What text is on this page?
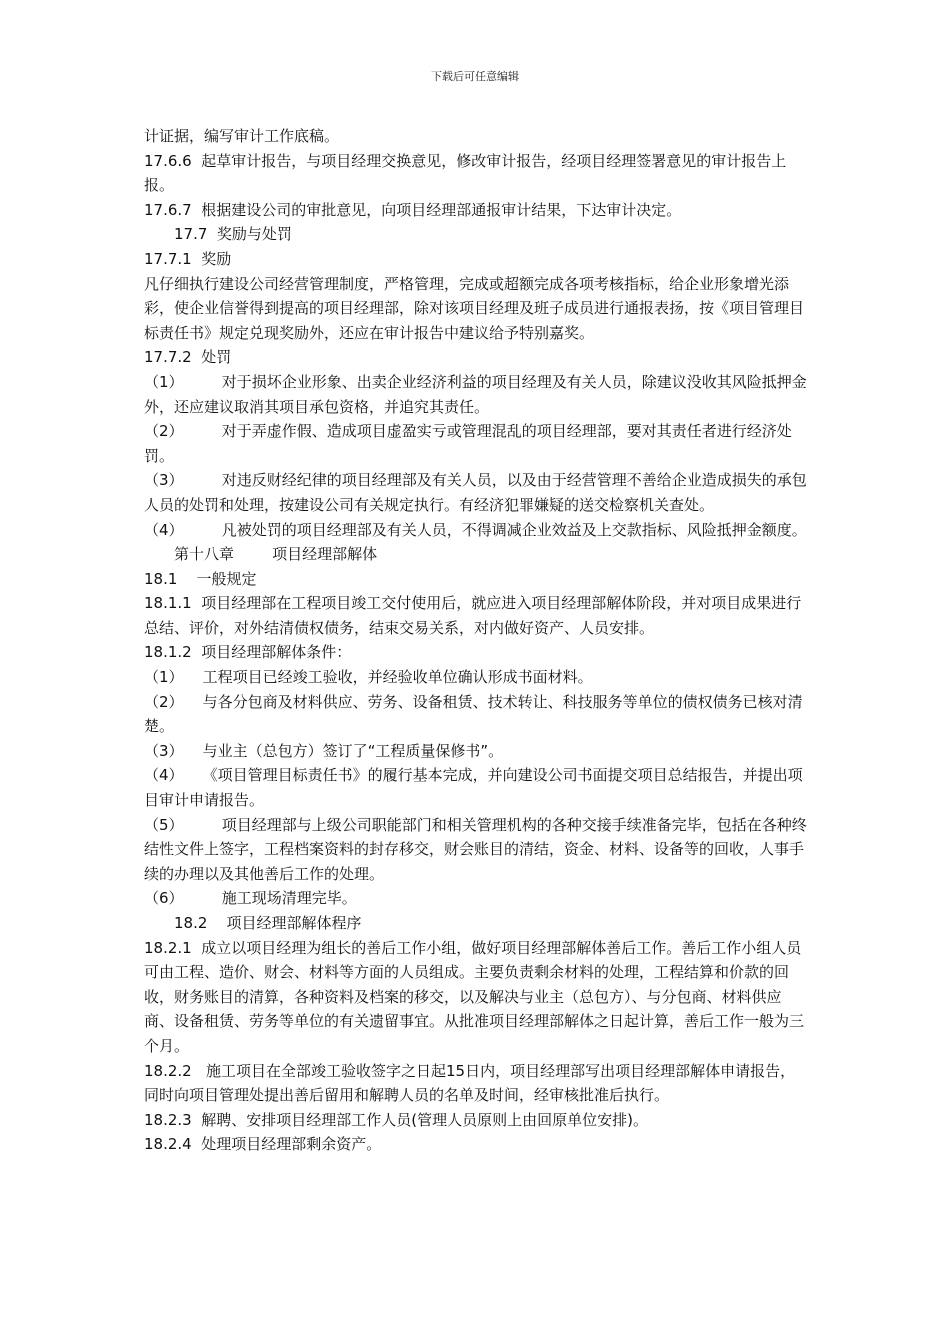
下载后可任意编辑

计证据，编写审计工作底稿。

17.6.6  起草审计报告，与项目经理交换意见，修改审计报告，经项目经理签署意见的审计报告上报。

17.6.7  根据建设公司的审批意见，向项目经理部通报审计结果，下达审计决定。

17.7  奖励与处罚

17.7.1  奖励

凡仔细执行建设公司经营管理制度，严格管理，完成或超额完成各项考核指标，给企业形象增光添彩，使企业信誉得到提高的项目经理部，除对该项目经理及班子成员进行通报表扬，按《项目管理目标责任书》规定兑现奖励外，还应在审计报告中建议给予特别嘉奖。

17.7.2  处罚

（1）        对于损坏企业形象、出卖企业经济利益的项目经理及有关人员，除建议没收其风险抵押金外，还应建议取消其项目承包资格，并追究其责任。

（2）        对于弄虚作假、造成项目虚盈实亏或管理混乱的项目经理部，要对其责任者进行经济处罚。

（3）        对违反财经纪律的项目经理部及有关人员，以及由于经营管理不善给企业造成损失的承包人员的处罚和处理，按建设公司有关规定执行。有经济犯罪嫌疑的送交检察机关查处。

（4）        凡被处罚的项目经理部及有关人员，不得调减企业效益及上交款指标、风险抵押金额度。

第十八章        项目经理部解体

18.1    一般规定

18.1.1  项目经理部在工程项目竣工交付使用后，就应进入项目经理部解体阶段，并对项目成果进行总结、评价，对外结清债权债务，结束交易关系，对内做好资产、人员安排。

18.1.2  项目经理部解体条件：

（1）    工程项目已经竣工验收，并经验收单位确认形成书面材料。

（2）    与各分包商及材料供应、劳务、设备租赁、技术转让、科技服务等单位的债权债务已核对清楚。

（3）    与业主（总包方）签订了“工程质量保修书”。

（4）    《项目管理目标责任书》的履行基本完成，并向建设公司书面提交项目总结报告，并提出项目审计申请报告。

（5）        项目经理部与上级公司职能部门和相关管理机构的各种交接手续准备完毕，包括在各种终结性文件上签字，工程档案资料的封存移交，财会账目的清结，资金、材料、设备等的回收，人事手续的办理以及其他善后工作的处理。

（6）        施工现场清理完毕。

18.2    项目经理部解体程序

18.2.1  成立以项目经理为组长的善后工作小组，做好项目经理部解体善后工作。善后工作小组人员可由工程、造价、财会、材料等方面的人员组成。主要负责剩余材料的处理，工程结算和价款的回收，财务账目的清算，各种资料及档案的移交，以及解决与业主（总包方）、与分包商、材料供应商、设备租赁、劳务等单位的有关遗留事宜。从批准项目经理部解体之日起计算，善后工作一般为三个月。

18.2.2   施工项目在全部竣工验收签字之日起15日内，项目经理部写出项目经理部解体申请报告，同时向项目管理处提出善后留用和解聘人员的名单及时间，经审核批准后执行。

18.2.3  解聘、安排项目经理部工作人员(管理人员原则上由回原单位安排)。

18.2.4  处理项目经理部剩余资产。
